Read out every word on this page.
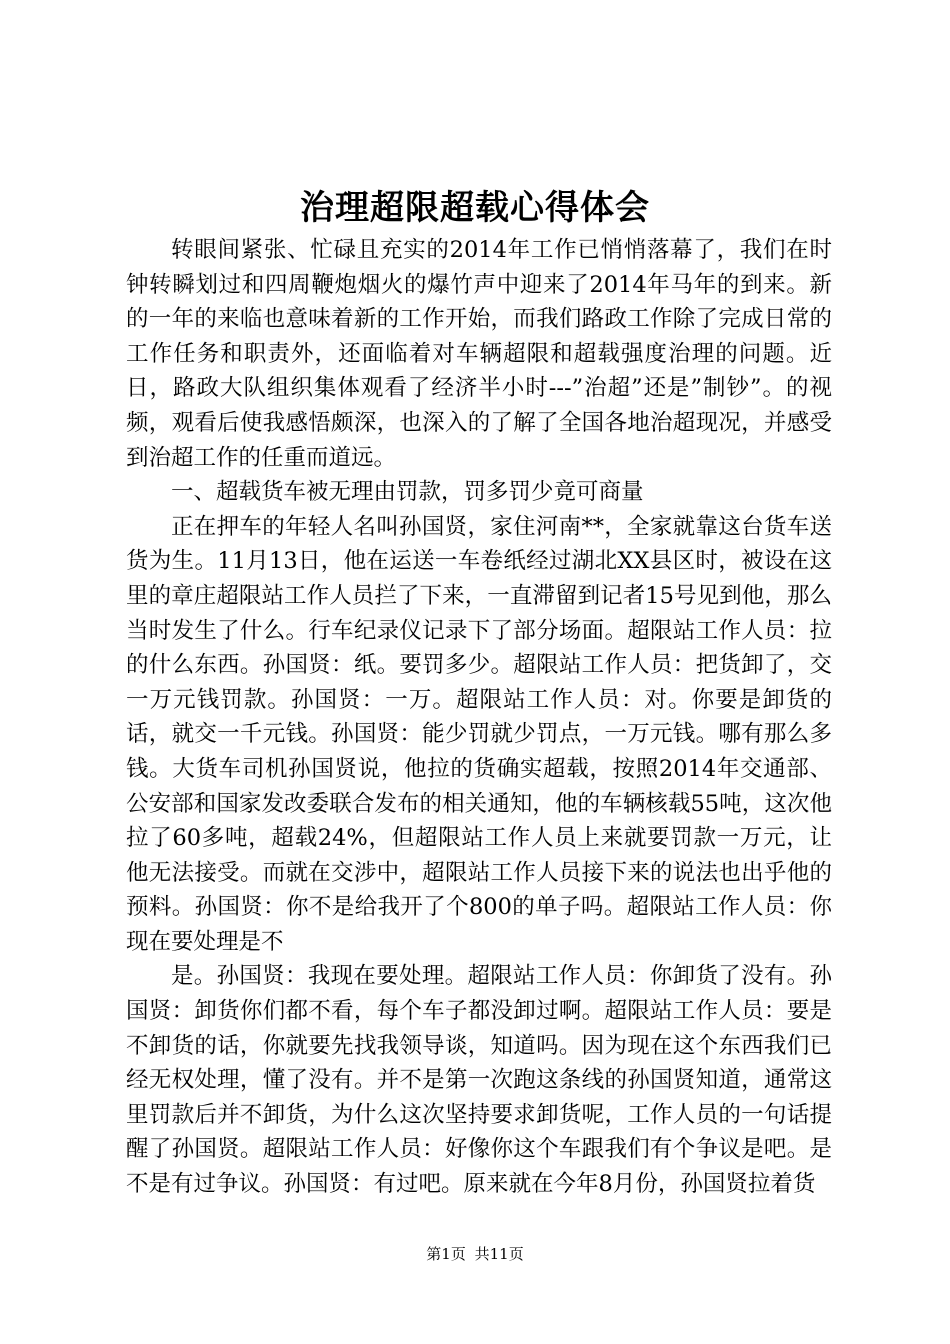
治理超限超载心得体会

转眼间紧张、忙碌且充实的2014年工作已悄悄落幕了，我们在时钟转瞬划过和四周鞭炮烟火的爆竹声中迎来了2014年马年的到来。新的一年的来临也意味着新的工作开始，而我们路政工作除了完成日常的工作任务和职责外，还面临着对车辆超限和超载强度治理的问题。近日，路政大队组织集体观看了经济半小时---”治超”还是”制钞”。的视频，观看后使我感悟颇深，也深入的了解了全国各地治超现况，并感受到治超工作的任重而道远。

一、超载货车被无理由罚款，罚多罚少竟可商量

正在押车的年轻人名叫孙国贤，家住河南**，全家就靠这台货车送货为生。11月13日，他在运送一车卷纸经过湖北XX县区时，被设在这里的章庄超限站工作人员拦了下来，一直滞留到记者15号见到他，那么当时发生了什么。行车纪录仪记录下了部分场面。超限站工作人员：拉的什么东西。孙国贤：纸。要罚多少。超限站工作人员：把货卸了，交一万元钱罚款。孙国贤：一万。超限站工作人员：对。你要是卸货的话，就交一千元钱。孙国贤：能少罚就少罚点，一万元钱。哪有那么多钱。大货车司机孙国贤说，他拉的货确实超载，按照2014年交通部、公安部和国家发改委联合发布的相关通知，他的车辆核载55吨，这次他拉了60多吨，超载24%，但超限站工作人员上来就要罚款一万元，让他无法接受。而就在交涉中，超限站工作人员接下来的说法也出乎他的预料。孙国贤：你不是给我开了个800的单子吗。超限站工作人员：你现在要处理是不

是。孙国贤：我现在要处理。超限站工作人员：你卸货了没有。孙国贤：卸货你们都不看，每个车子都没卸过啊。超限站工作人员：要是不卸货的话，你就要先找我领导谈，知道吗。因为现在这个东西我们已经无权处理，懂了没有。并不是第一次跑这条线的孙国贤知道，通常这里罚款后并不卸货，为什么这次坚持要求卸货呢，工作人员的一句话提醒了孙国贤。超限站工作人员：好像你这个车跟我们有个争议是吧。是不是有过争议。孙国贤：有过吧。原来就在今年8月份，孙国贤拉着货

第1页 共11页
